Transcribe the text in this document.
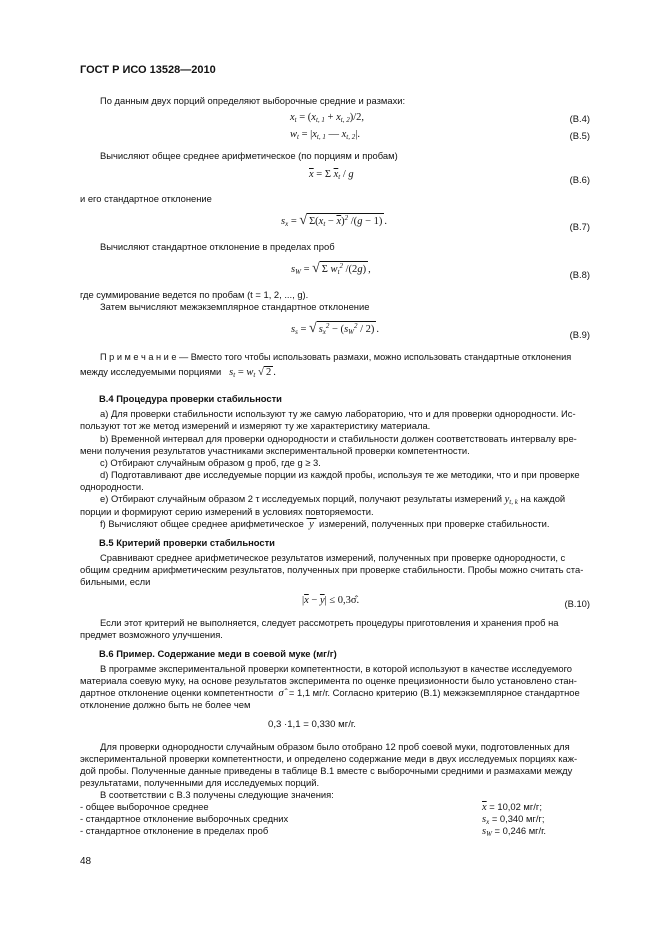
ГОСТ Р ИСО 13528—2010
По данным двух порций определяют выборочные средние и размахи:
$x_t = (x_{t, 1} + x_{t, 2})/2$,	(B.4)
$w_t = |x_{t, 1}$ — $x_{t, 2}|$.	(B.5)
Вычисляют общее среднее арифметическое (по порциям и пробам)
$\overline{x} = \Sigma$ $\overline{x}_t$ / g	(B.6)
и его стандартное отклонение
$s_x$ = √ $\Sigma(x_t - \overline{x})^2$ /(g − 1) .	(B.7)
Вычисляют стандартное отклонение в пределах проб
$s_W$ = √ Σ $w_t^2$ /(2g) ,	(B.8)
где суммирование ведется по пробам (t = 1, 2, ..., g).
Затем вычисляют межэкземплярное стандартное отклонение
$s_s$ = √ $s_x^2 - (s_W^2 / 2)$ .	(B.9)
П р и м е ч а н и е — Вместо того чтобы использовать размахи, можно использовать стандартные отклонения
между исследуемыми порциями   $s_t = w_t$ √ 2 .
B.4 Процедура проверки стабильности
a) Для проверки стабильности используют ту же самую лабораторию, что и для проверки однородности. Ис-
пользуют тот же метод измерений и измеряют ту же характеристику материала.
b) Временной интервал для проверки однородности и стабильности должен соответствовать интервалу вре-
мени получения результатов участниками экспериментальной проверки компетентности.
c) Отбирают случайным образом g проб, где g ≥ 3.
d) Подготавливают две исследуемые порции из каждой пробы, используя те же методики, что и при проверке
однородности.
e) Отбирают случайным образом 2 τ исследуемых порций, получают результаты измерений $y_{t, k}$ на каждой
порции и формируют серию измерений в условиях повторяемости.
f) Вычисляют общее среднее арифметическое  y  измерений, полученных при проверке стабильности.
B.5 Критерий проверки стабильности
Сравнивают среднее арифметическое результатов измерений, полученных при проверке однородности, с
общим средним арифметическим результатов, полученных при проверке стабильности. Пробы можно считать ста-
бильными, если
$|\overline{x} - \overline{y}|$ ≤ 0,3σ̂.	(B.10)
Если этот критерий не выполняется, следует рассмотреть процедуры приготовления и хранения проб на
предмет возможного улучшения.
B.6 Пример. Содержание меди в соевой муке (мг/г)
В программе экспериментальной проверки компетентности, в которой используют в качестве исследуемого
материала соевую муку, на основе результатов эксперимента по оценке прецизионности было установлено стан-
дартное отклонение оценки компетентности  σ̂  = 1,1 мг/г. Согласно критерию (В.1) межэкземплярное стандартное
отклонение должно быть не более чем
0,3 ·1,1 = 0,330 мг/г.
Для проверки однородности случайным образом было отобрано 12 проб соевой муки, подготовленных для
экспериментальной проверки компетентности, и определено содержание меди в двух исследуемых порциях каж-
дой пробы. Полученные данные приведены в таблице В.1 вместе с выборочными средними и размахами между
результатами, полученными для исследуемых порций.
В соответствии с В.3 получены следующие значения:
- общее выборочное среднее	$\overline{x} = 10,02$ мг/г;
- стандартное отклонение выборочных средних	$s_x = 0,340$ мг/г;
- стандартное отклонение в пределах проб	$s_W = 0,246$ мг/г.
48
